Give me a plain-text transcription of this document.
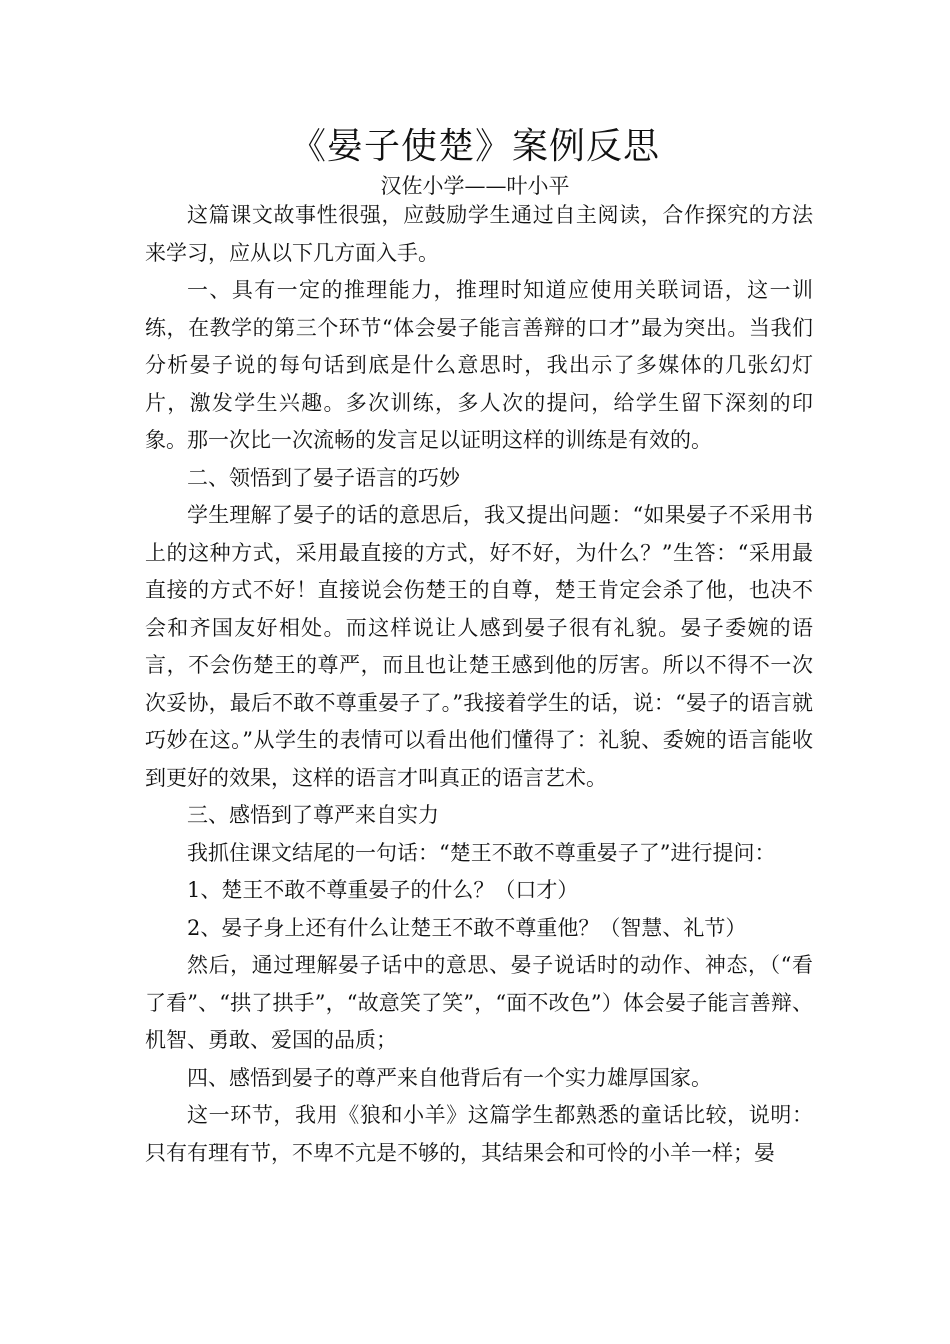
《晏子使楚》案例反思
汉佐小学——叶小平

这篇课文故事性很强，应鼓励学生通过自主阅读，合作探究的方法来学习，应从以下几方面入手。

一、具有一定的推理能力，推理时知道应使用关联词语，这一训练，在教学的第三个环节“体会晏子能言善辩的口才”最为突出。当我们分析晏子说的每句话到底是什么意思时，我出示了多媒体的几张幻灯片，激发学生兴趣。多次训练，多人次的提问，给学生留下深刻的印象。那一次比一次流畅的发言足以证明这样的训练是有效的。

二、领悟到了晏子语言的巧妙

学生理解了晏子的话的意思后，我又提出问题：“如果晏子不采用书上的这种方式，采用最直接的方式，好不好，为什么？”生答：“采用最直接的方式不好！直接说会伤楚王的自尊，楚王肯定会杀了他，也决不会和齐国友好相处。而这样说让人感到晏子很有礼貌。晏子委婉的语言，不会伤楚王的尊严，而且也让楚王感到他的厉害。所以不得不一次次妥协，最后不敢不尊重晏子了。”我接着学生的话，说：“晏子的语言就巧妙在这。”从学生的表情可以看出他们懂得了：礼貌、委婉的语言能收到更好的效果，这样的语言才叫真正的语言艺术。

三、感悟到了尊严来自实力

我抓住课文结尾的一句话：“楚王不敢不尊重晏子了”进行提问：

1、楚王不敢不尊重晏子的什么？（口才）

2、晏子身上还有什么让楚王不敢不尊重他？（智慧、礼节）

然后，通过理解晏子话中的意思、晏子说话时的动作、神态，（“看了看”、“拱了拱手”，“故意笑了笑”，“面不改色”）体会晏子能言善辩、机智、勇敢、爱国的品质；

四、感悟到晏子的尊严来自他背后有一个实力雄厚国家。

这一环节，我用《狼和小羊》这篇学生都熟悉的童话比较，说明：只有有理有节，不卑不亢是不够的，其结果会和可怜的小羊一样；晏
